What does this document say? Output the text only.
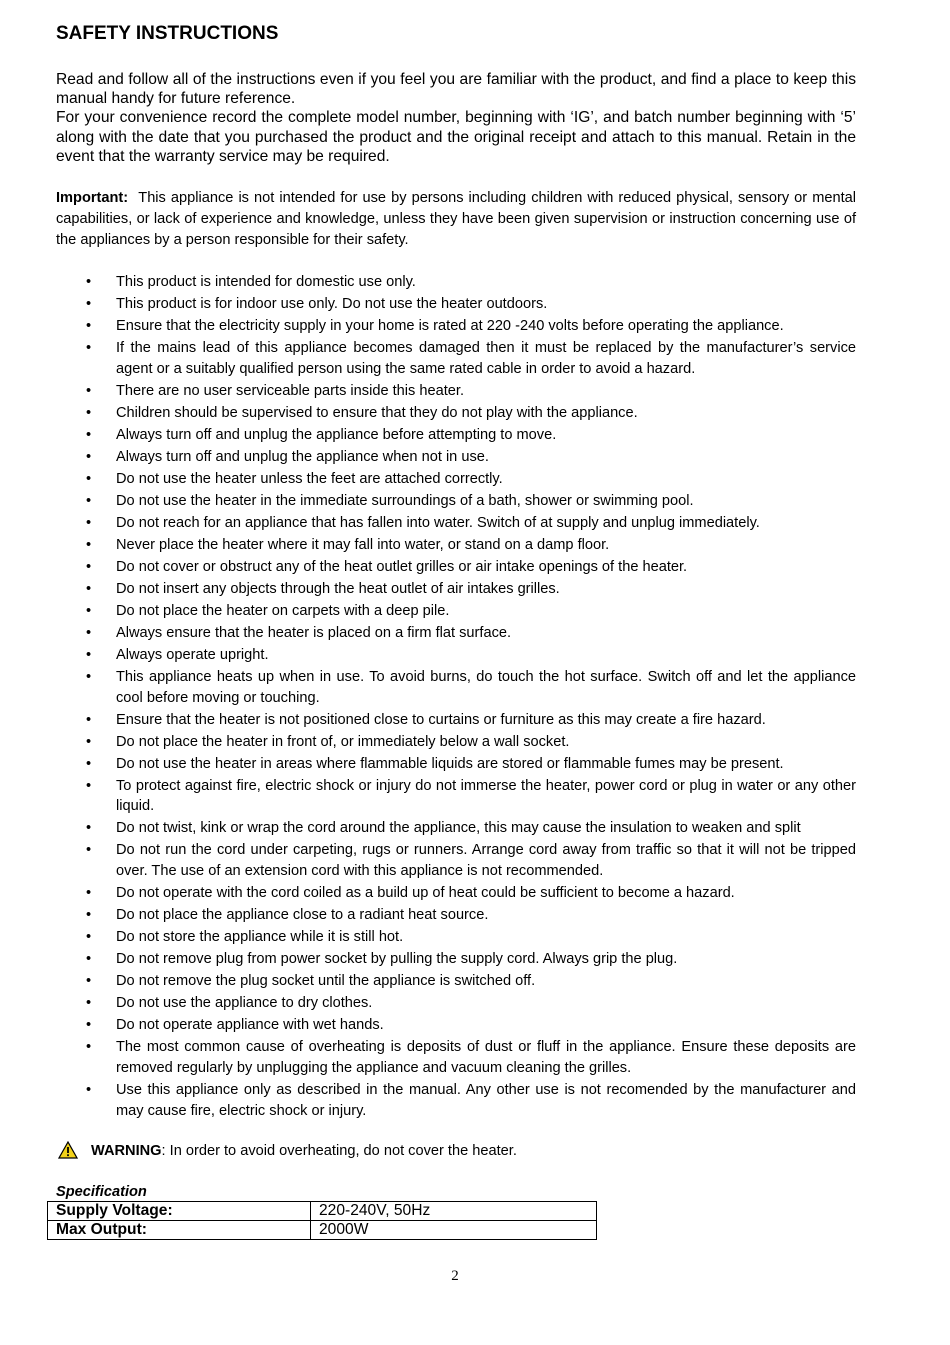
SAFETY INSTRUCTIONS

Read and follow all of the instructions even if you feel you are familiar with the product, and find a place to keep this manual handy for future reference.

For your convenience record the complete model number, beginning with ‘IG’, and batch number beginning with ‘5’ along with the date that you purchased the product and the original receipt and attach to this manual. Retain in the event that the warranty service may be required.

Important: This appliance is not intended for use by persons including children with reduced physical, sensory or mental capabilities, or lack of experience and knowledge, unless they have been given supervision or instruction concerning use of the appliances by a person responsible for their safety.

• This product is intended for domestic use only.
• This product is for indoor use only. Do not use the heater outdoors.
• Ensure that the electricity supply in your home is rated at 220 -240 volts before operating the appliance.
• If the mains lead of this appliance becomes damaged then it must be replaced by the manufacturer’s service agent or a suitably qualified person using the same rated cable in order to avoid a hazard.
• There are no user serviceable parts inside this heater.
• Children should be supervised to ensure that they do not play with the appliance.
• Always turn off and unplug the appliance before attempting to move.
• Always turn off and unplug the appliance when not in use.
• Do not use the heater unless the feet are attached correctly.
• Do not use the heater in the immediate surroundings of a bath, shower or swimming pool.
• Do not reach for an appliance that has fallen into water. Switch of at supply and unplug immediately.
• Never place the heater where it may fall into water, or stand on a damp floor.
• Do not cover or obstruct any of the heat outlet grilles or air intake openings of the heater.
• Do not insert any objects through the heat outlet of air intakes grilles.
• Do not place the heater on carpets with a deep pile.
• Always ensure that the heater is placed on a firm flat surface.
• Always operate upright.
• This appliance heats up when in use. To avoid burns, do touch the hot surface. Switch off and let the appliance cool before moving or touching.
• Ensure that the heater is not positioned close to curtains or furniture as this may create a fire hazard.
• Do not place the heater in front of, or immediately below a wall socket.
• Do not use the heater in areas where flammable liquids are stored or flammable fumes may be present.
• To protect against fire, electric shock or injury do not immerse the heater, power cord or plug in water or any other liquid.
• Do not twist, kink or wrap the cord around the appliance, this may cause the insulation to weaken and split
• Do not run the cord under carpeting, rugs or runners. Arrange cord away from traffic so that it will not be tripped over. The use of an extension cord with this appliance is not recommended.
• Do not operate with the cord coiled as a build up of heat could be sufficient to become a hazard.
• Do not place the appliance close to a radiant heat source.
• Do not store the appliance while it is still hot.
• Do not remove plug from power socket by pulling the supply cord. Always grip the plug.
• Do not remove the plug socket until the appliance is switched off.
• Do not use the appliance to dry clothes.
• Do not operate appliance with wet hands.
• The most common cause of overheating is deposits of dust or fluff in the appliance. Ensure these deposits are removed regularly by unplugging the appliance and vacuum cleaning the grilles.
• Use this appliance only as described in the manual. Any other use is not recomended by the manufacturer and may cause fire, electric shock or injury.
WARNING: In order to avoid overheating, do not cover the heater.
Specification
Supply Voltage:	220-240V, 50Hz
Max Output:	2000W
2
